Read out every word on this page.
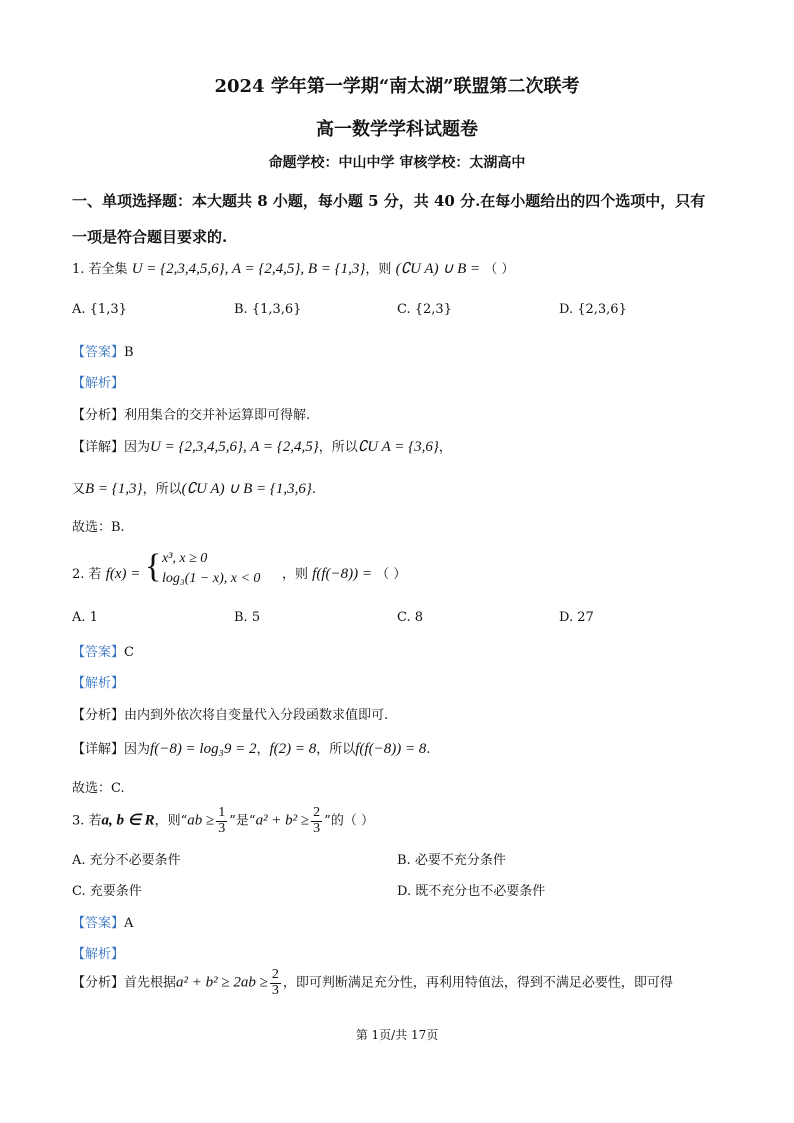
2024 学年第一学期“南太湖”联盟第二次联考
高一数学学科试题卷
命题学校：中山中学 审核学校：太湖高中
一、单项选择题：本大题共 8 小题，每小题 5 分，共 40 分.在每小题给出的四个选项中，只有
一项是符合题目要求的.
1. 若全集 U = {2,3,4,5,6}, A = {2,4,5}, B = {1,3}，则 (∁U A) ∪ B = （ ）
A. {1,3}	B. {1,3,6}	C. {2,3}	D. {2,3,6}
【答案】B
【解析】
【分析】利用集合的交并补运算即可得解.
【详解】因为U = {2,3,4,5,6}, A = {2,4,5}，所以∁U A = {3,6}，
又B = {1,3}，所以(∁U A) ∪ B = {1,3,6}.
故选：B.
2. 若 f(x) = { x³, x ≥ 0
log₃(1 − x), x < 0 ，则 f(f(−8)) = （ ）
A. 1	B. 5	C. 8	D. 27
【答案】C
【解析】
【分析】由内到外依次将自变量代入分段函数求值即可.
【详解】因为f(−8) = log₃9 = 2，f(2) = 8，所以f(f(−8)) = 8.
故选：C.
3. 若a, b ∈ R，则“ab ≥ $\frac{1}{3}$ ”是“$a^2 + b^2 \ge \frac{2}{3}$ ”的（ ）
A. 充分不必要条件	B. 必要不充分条件
C. 充要条件	D. 既不充分也不必要条件
【答案】A
【解析】
【分析】首先根据$a^2 + b^2 \ge 2ab \ge \frac{2}{3}$ ，即可判断满足充分性，再利用特值法，得到不满足必要性，即可得
第 1页/共 17页
